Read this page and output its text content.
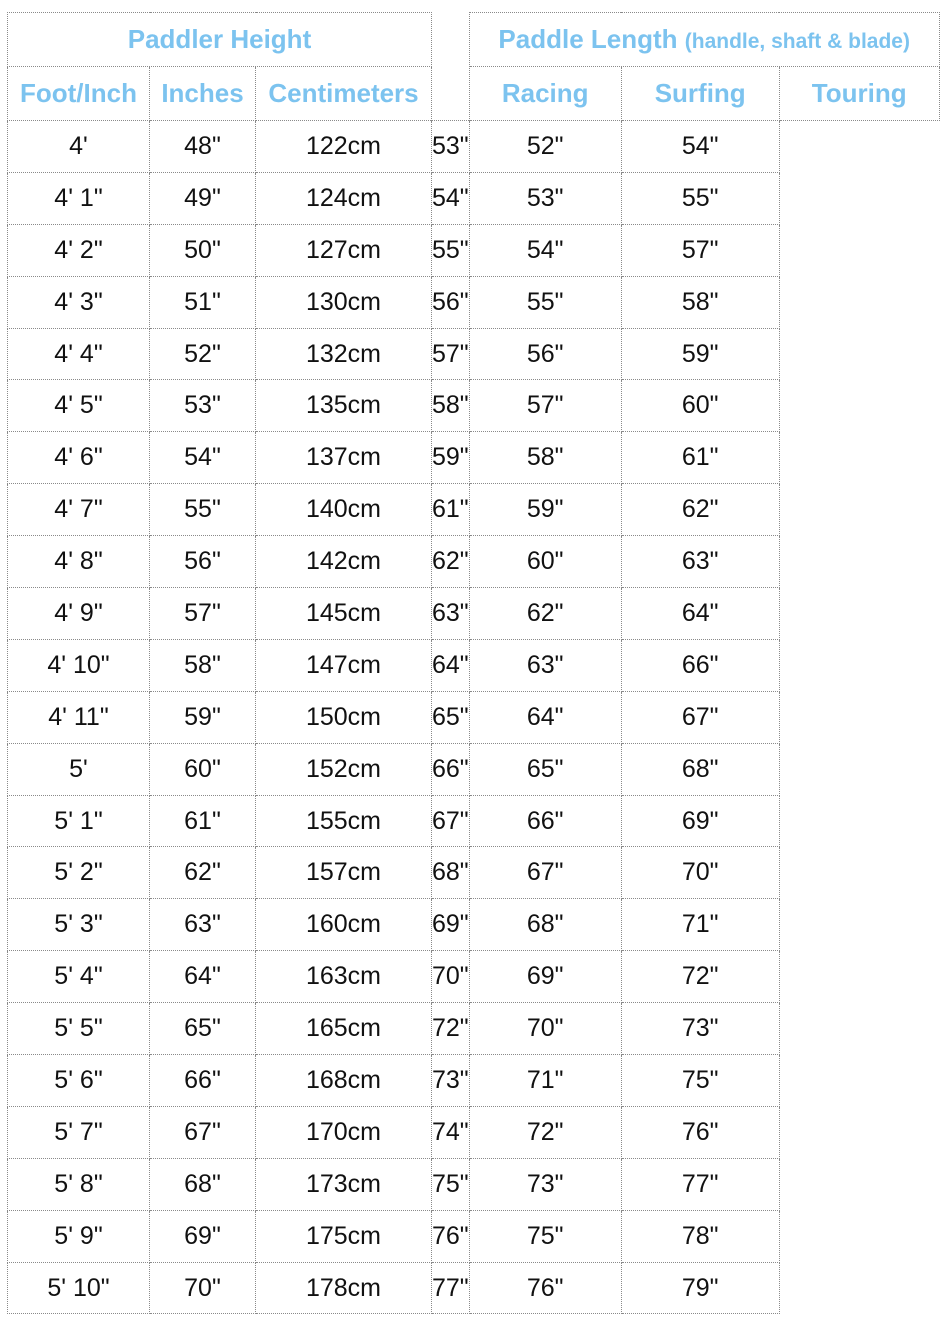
Paddler Height				Paddle Length (handle, shaft & blade)		
Foot/Inch	Inches	Centimeters		Racing	Surfing	Touring
4'	48"	122cm	53"	52"	54"	
4' 1"	49"	124cm	54"	53"	55"	
4' 2"	50"	127cm	55"	54"	57"	
4' 3"	51"	130cm	56"	55"	58"	
4' 4"	52"	132cm	57"	56"	59"	
4' 5"	53"	135cm	58"	57"	60"	
4' 6"	54"	137cm	59"	58"	61"	
4' 7"	55"	140cm	61"	59"	62"	
4' 8"	56"	142cm	62"	60"	63"	
4' 9"	57"	145cm	63"	62"	64"	
4' 10"	58"	147cm	64"	63"	66"	
4' 11"	59"	150cm	65"	64"	67"	
5'	60"	152cm	66"	65"	68"	
5' 1"	61"	155cm	67"	66"	69"	
5' 2"	62"	157cm	68"	67"	70"	
5' 3"	63"	160cm	69"	68"	71"	
5' 4"	64"	163cm	70"	69"	72"	
5' 5"	65"	165cm	72"	70"	73"	
5' 6"	66"	168cm	73"	71"	75"	
5' 7"	67"	170cm	74"	72"	76"	
5' 8"	68"	173cm	75"	73"	77"	
5' 9"	69"	175cm	76"	75"	78"	
5' 10"	70"	178cm	77"	76"	79"	
